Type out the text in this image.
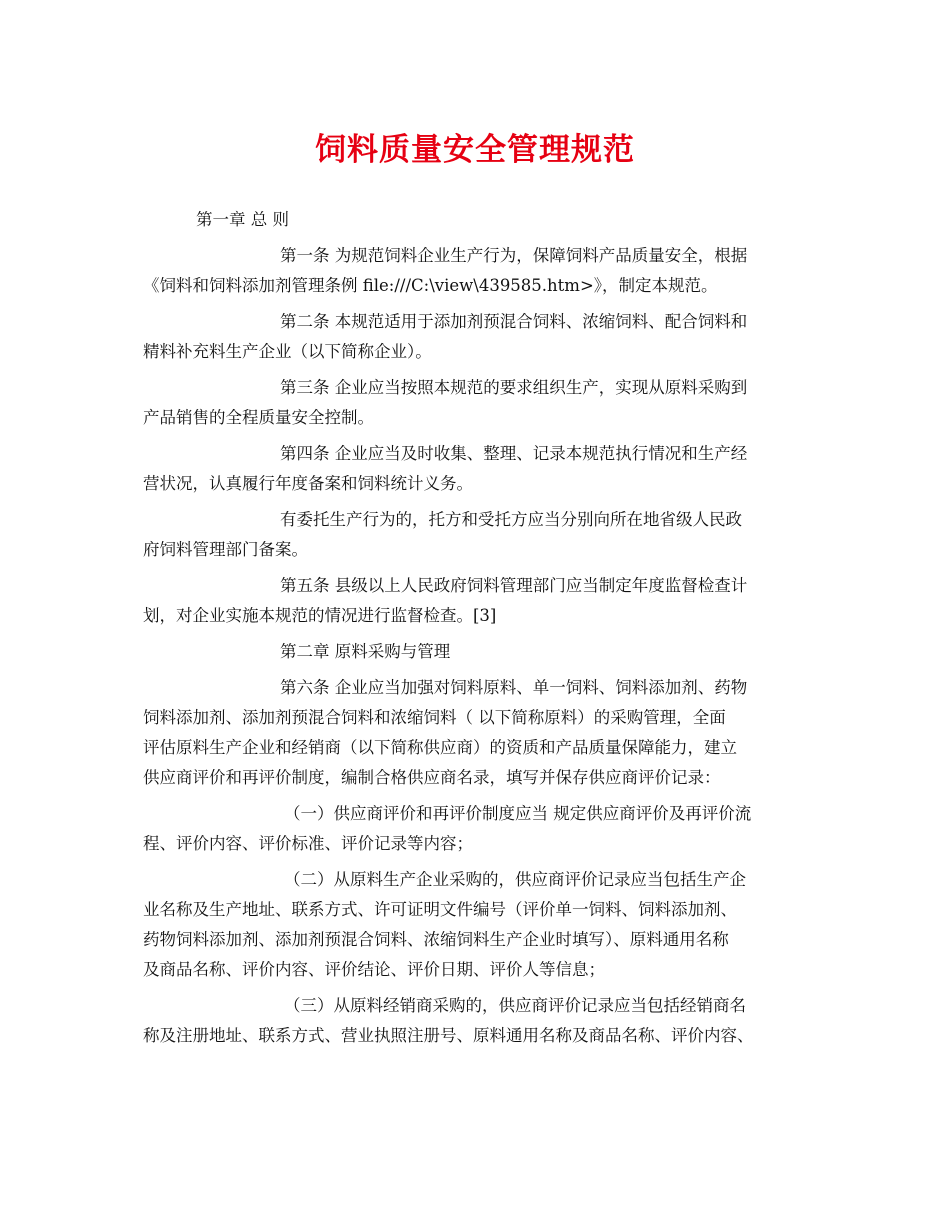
饲料质量安全管理规范
第一章 总 则
第一条 为规范饲料企业生产行为，保障饲料产品质量安全，根据
《饲料和饲料添加剂管理条例 file:///C:\view\439585.htm>》，制定本规范。
第二条 本规范适用于添加剂预混合饲料、浓缩饲料、配合饲料和
精料补充料生产企业（以下简称企业）。
第三条 企业应当按照本规范的要求组织生产，实现从原料采购到
产品销售的全程质量安全控制。
第四条 企业应当及时收集、整理、记录本规范执行情况和生产经
营状况，认真履行年度备案和饲料统计义务。
有委托生产行为的，托方和受托方应当分别向所在地省级人民政
府饲料管理部门备案。
第五条 县级以上人民政府饲料管理部门应当制定年度监督检查计
划，对企业实施本规范的情况进行监督检查。[3]
第二章 原料采购与管理
第六条 企业应当加强对饲料原料、单一饲料、饲料添加剂、药物
饲料添加剂、添加剂预混合饲料和浓缩饲料（ 以下简称原料）的采购管理，全面
评估原料生产企业和经销商（以下简称供应商）的资质和产品质量保障能力，建立
供应商评价和再评价制度，编制合格供应商名录，填写并保存供应商评价记录：
（一）供应商评价和再评价制度应当 规定供应商评价及再评价流
程、评价内容、评价标准、评价记录等内容；
（二）从原料生产企业采购的，供应商评价记录应当包括生产企
业名称及生产地址、联系方式、许可证明文件编号（评价单一饲料、饲料添加剂、
药物饲料添加剂、添加剂预混合饲料、浓缩饲料生产企业时填写）、原料通用名称
及商品名称、评价内容、评价结论、评价日期、评价人等信息；
（三）从原料经销商采购的，供应商评价记录应当包括经销商名
称及注册地址、联系方式、营业执照注册号、原料通用名称及商品名称、评价内容、
